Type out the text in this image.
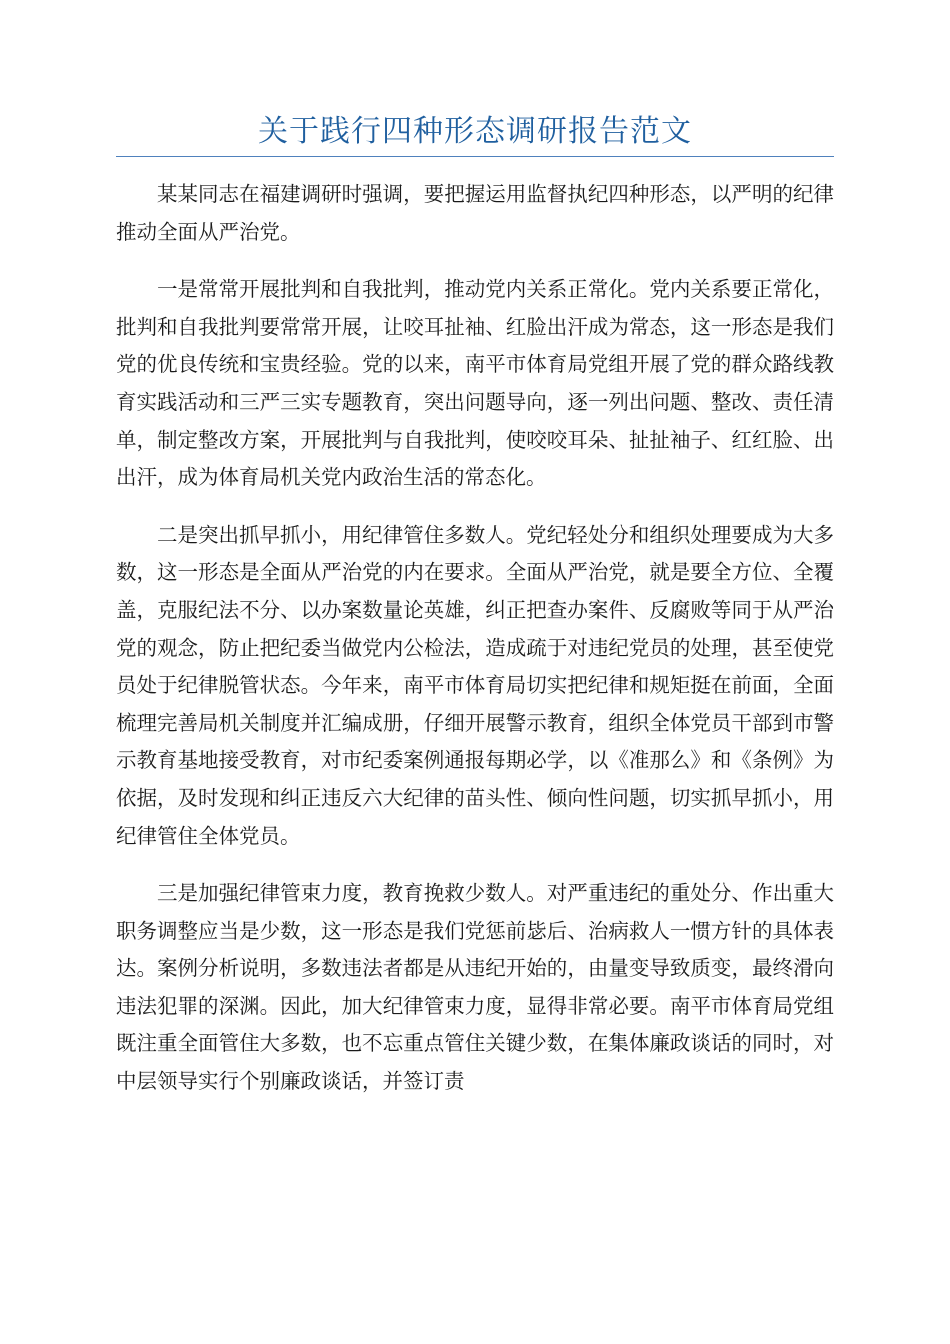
关于践行四种形态调研报告范文

某某同志在福建调研时强调，要把握运用监督执纪四种形态，以严明的纪律推动全面从严治党。

一是常常开展批判和自我批判，推动党内关系正常化。党内关系要正常化，批判和自我批判要常常开展，让咬耳扯袖、红脸出汗成为常态，这一形态是我们党的优良传统和宝贵经验。党的以来，南平市体育局党组开展了党的群众路线教育实践活动和三严三实专题教育，突出问题导向，逐一列出问题、整改、责任清单，制定整改方案，开展批判与自我批判，使咬咬耳朵、扯扯袖子、红红脸、出出汗，成为体育局机关党内政治生活的常态化。

二是突出抓早抓小，用纪律管住多数人。党纪轻处分和组织处理要成为大多数，这一形态是全面从严治党的内在要求。全面从严治党，就是要全方位、全覆盖，克服纪法不分、以办案数量论英雄，纠正把查办案件、反腐败等同于从严治党的观念，防止把纪委当做党内公检法，造成疏于对违纪党员的处理，甚至使党员处于纪律脱管状态。今年来，南平市体育局切实把纪律和规矩挺在前面，全面梳理完善局机关制度并汇编成册，仔细开展警示教育，组织全体党员干部到市警示教育基地接受教育，对市纪委案例通报每期必学，以《准那么》和《条例》为依据，及时发现和纠正违反六大纪律的苗头性、倾向性问题，切实抓早抓小，用纪律管住全体党员。

三是加强纪律管束力度，教育挽救少数人。对严重违纪的重处分、作出重大职务调整应当是少数，这一形态是我们党惩前毖后、治病救人一惯方针的具体表达。案例分析说明，多数违法者都是从违纪开始的，由量变导致质变，最终滑向违法犯罪的深渊。因此，加大纪律管束力度，显得非常必要。南平市体育局党组既注重全面管住大多数，也不忘重点管住关键少数，在集体廉政谈话的同时，对中层领导实行个别廉政谈话，并签订责
